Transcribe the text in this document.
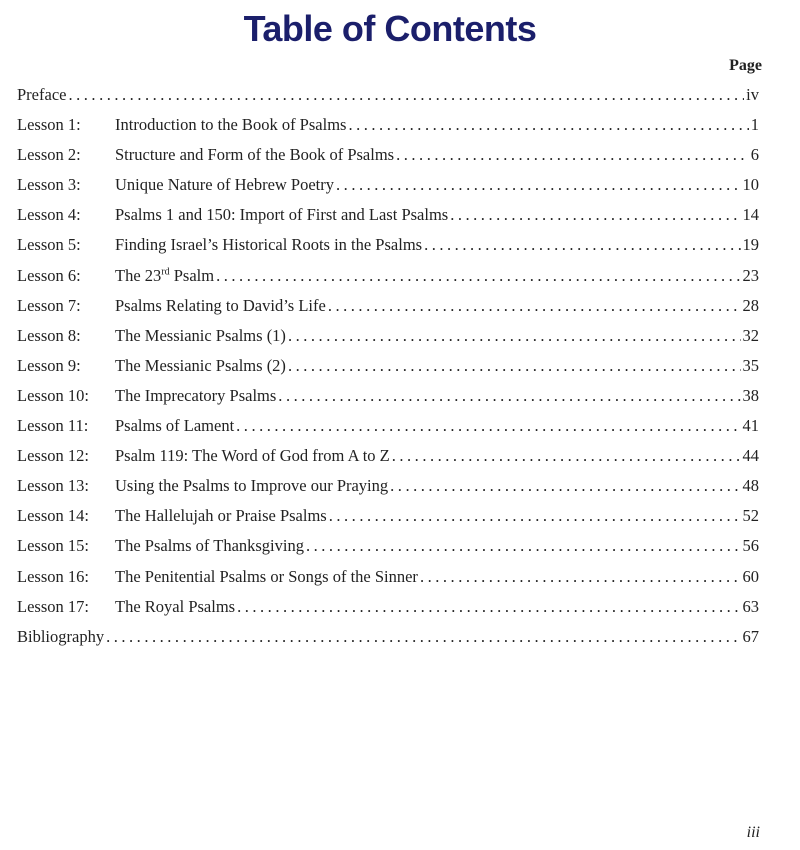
Table of Contents
Page
Preface . . .	iv
Lesson 1:	Introduction to the Book of Psalms . . .	1
Lesson 2:	Structure and Form of the Book of Psalms . . .	6
Lesson 3:	Unique Nature of Hebrew Poetry . . .	10
Lesson 4:	Psalms 1 and 150: Import of First and Last Psalms . . .	14
Lesson 5:	Finding Israel’s Historical Roots in the Psalms . . .	19
Lesson 6:	The 23rd Psalm . . .	23
Lesson 7:	Psalms Relating to David’s Life . . .	28
Lesson 8:	The Messianic Psalms (1) . . .	32
Lesson 9:	The Messianic Psalms (2) . . .	35
Lesson 10:	The Imprecatory Psalms . . .	38
Lesson 11:	Psalms of Lament . . .	41
Lesson 12:	Psalm 119: The Word of God from A to Z . . .	44
Lesson 13:	Using the Psalms to Improve our Praying . . .	48
Lesson 14:	The Hallelujah or Praise Psalms . . .	52
Lesson 15:	The Psalms of Thanksgiving . . .	56
Lesson 16:	The Penitential Psalms or Songs of the Sinner . . .	60
Lesson 17:	The Royal Psalms . . .	63
Bibliography . . .	67
iii
